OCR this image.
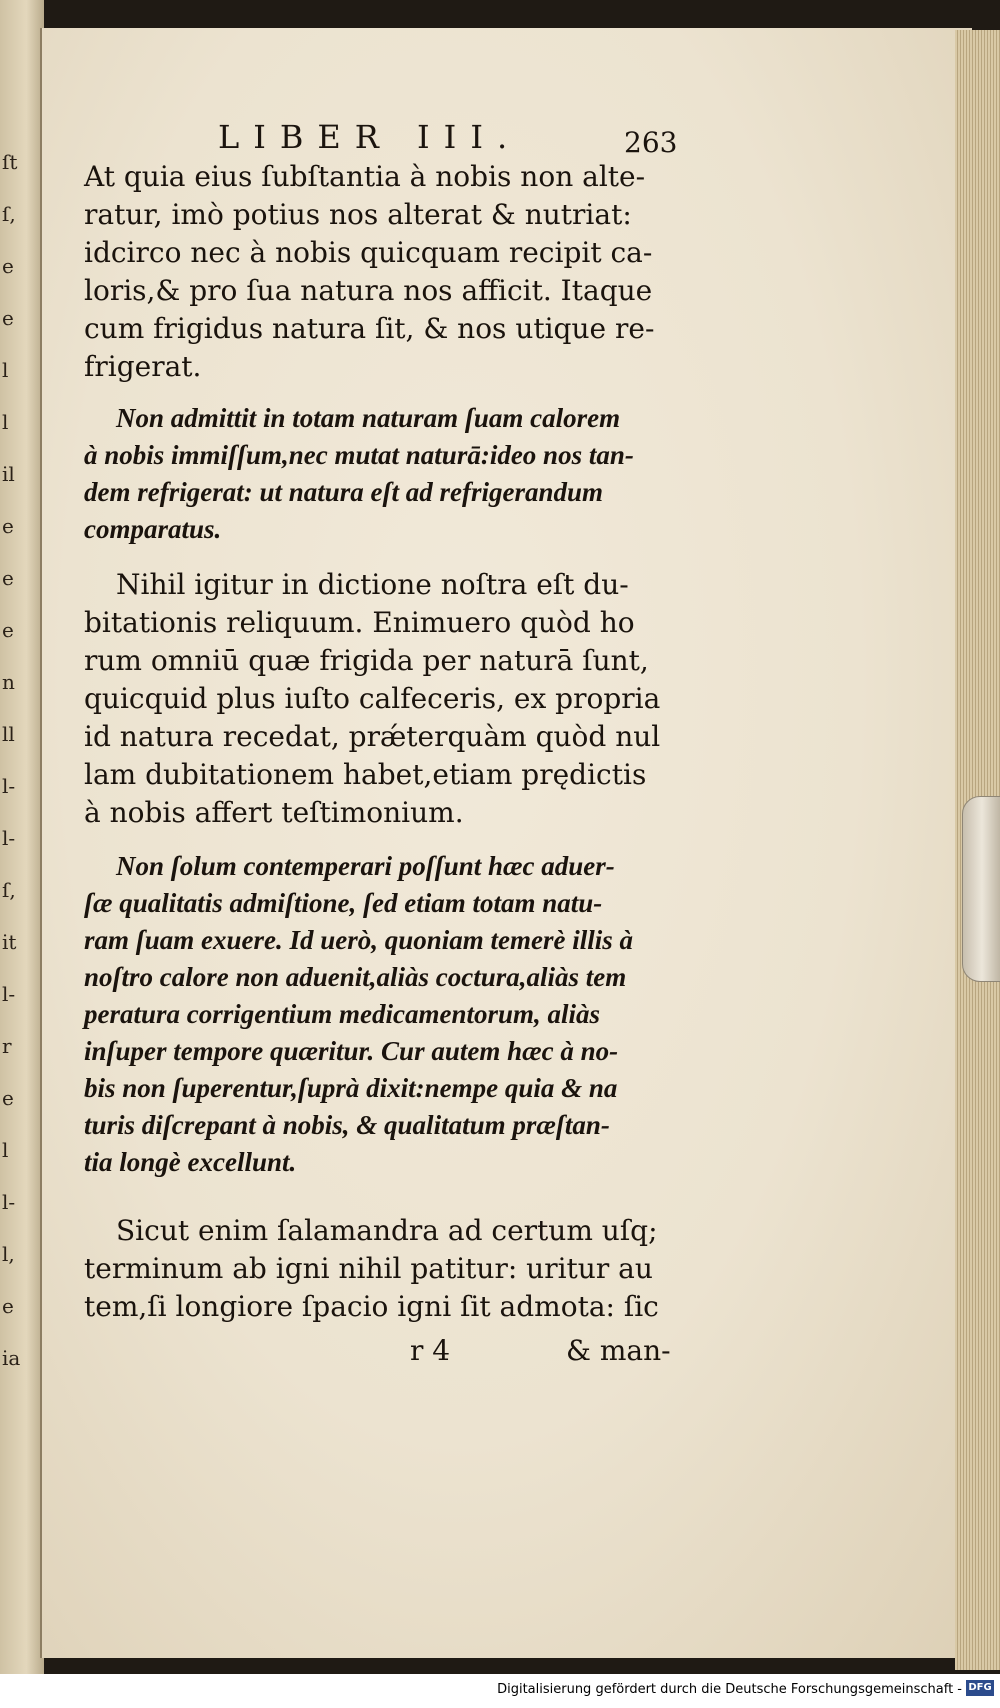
ſt
ſ,
e
e
l
l
il
e
e
e
n
ll
l-
l-
ſ,
it
l-
r
e
l
l-
l,
e
ia
LIBER III.	263
At quia eius ſubſtantia à nobis non alte-
ratur, imò potius nos alterat & nutriat:
idcirco nec à nobis quicquam recipit ca-
loris,& pro ſua natura nos afficit. Itaque
cum frigidus natura ſit, & nos utique re-
frigerat.
Non admittit in totam naturam ſuam calorem
à nobis immiſſum,nec mutat naturā:ideo nos tan-
dem refrigerat: ut natura eſt ad refrigerandum
comparatus.
Nihil igitur in dictione noſtra eſt du-
bitationis reliquum. Enimuero quòd ho
rum omniū quæ frigida per naturā ſunt,
quicquid plus iuſto calfeceris, ex propria
id natura recedat, prǽterquàm quòd nul
lam dubitationem habet,etiam prędictis
à nobis affert teſtimonium.
Non ſolum contemperari poſſunt hæc aduer-
ſæ qualitatis admiſtione, ſed etiam totam natu-
ram ſuam exuere. Id uerò, quoniam temerè illis à
noſtro calore non aduenit,aliàs coctura,aliàs tem
peratura corrigentium medicamentorum, aliàs
inſuper tempore quæritur. Cur autem hæc à no-
bis non ſuperentur,ſuprà dixit:nempe quia & na
turis diſcrepant à nobis, & qualitatum præſtan-
tia longè excellunt.
Sicut enim ſalamandra ad certum uſq;
terminum ab igni nihil patitur: uritur au
tem,ſi longiore ſpacio igni ſit admota: ſic
r 4	& man-
Digitalisierung gefördert durch die Deutsche Forschungsgemeinschaft - DFG
